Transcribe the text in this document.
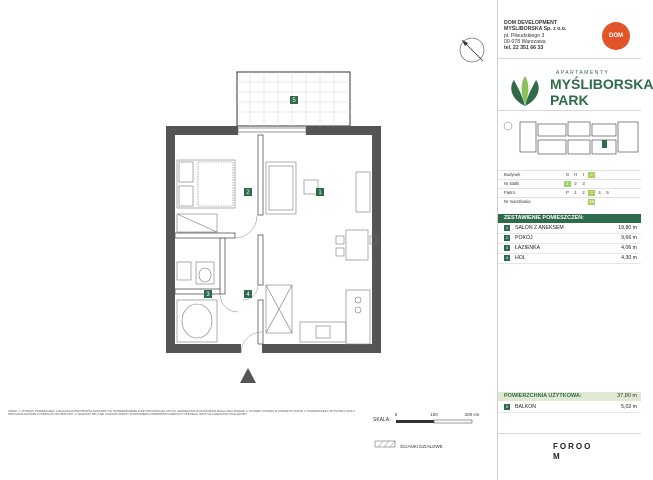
5
1
2
3	4
0	100	200 cm
UWAGI: 1. WYMIARY POMIESZCZEŃ, LOKALIZACJA PRZYBORÓW SANITARNYCH, ROZMIESZCZENIE PUNKTÓW INSTALACYJNYCH I ELEMENTÓW WYKOŃCZENIA MOGĄ ULEC ZMIANIE. 2. WYMIARY PODANE W SUROWYM STANIE. 3. POWIERZCHNIA UŻYTKOWA LOKALU OBLICZONA ZGODNIE Z NORMĄ PN-ISO 9836:1997. 4. NINIEJSZY RZUT NIE STANOWI OFERTY W ROZUMIENIU PRZEPISÓW KODEKSU CYWILNEGO. RZUT MA CHARAKTER POGLĄDOWY.
SKALA:
ŚCIANKI DZIAŁOWE
DOM DEVELOPMENT
MYŚLIBORSKA Sp. z o.o.
pl. Piłsudskiego 3
00-078 Warszawa
tel. 22 351 66 33
DOM
APARTAMENTY
MYŚLIBORSKA
PARK
Budynek	G	H	I	J
Nr klatki	1	2	3
Piętro	P	1	2	3	4	5
Nr mieszkania	19
ZESTAWIENIE POMIESZCZEŃ:
1	SALON Z ANEKSEM	19,80 m
2	POKÓJ	9,66 m
3	ŁAZIENKA	4,06 m
4	HOL	4,30 m
POWIERZCHNIA UŻYTKOWA:	37,80 m
5	BALKON	5,02 m
FOROOM
